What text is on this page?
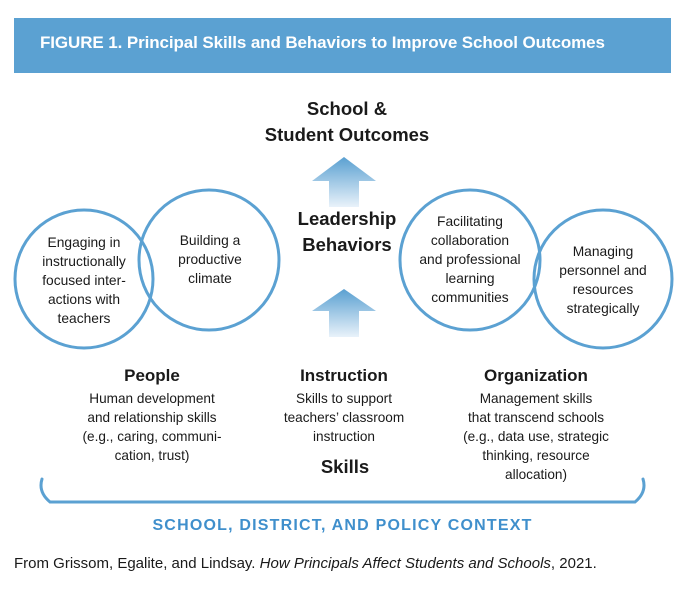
FIGURE 1. Principal Skills and Behaviors to Improve School Outcomes
School &
Student Outcomes
Leadership
Behaviors
Engaging in
instructionally
focused inter-
actions with
teachers
Building a
productive
climate
Facilitating
collaboration
and professional
learning
communities
Managing
personnel and
resources
strategically
People
Human development
and relationship skills
(e.g., caring, communi-
cation, trust)
Instruction
Skills to support
teachers’ classroom
instruction
Organization
Management skills
that transcend schools
(e.g., data use, strategic
thinking, resource
allocation)
Skills
SCHOOL, DISTRICT, AND POLICY CONTEXT
From Grissom, Egalite, and Lindsay. How Principals Affect Students and Schools, 2021.
